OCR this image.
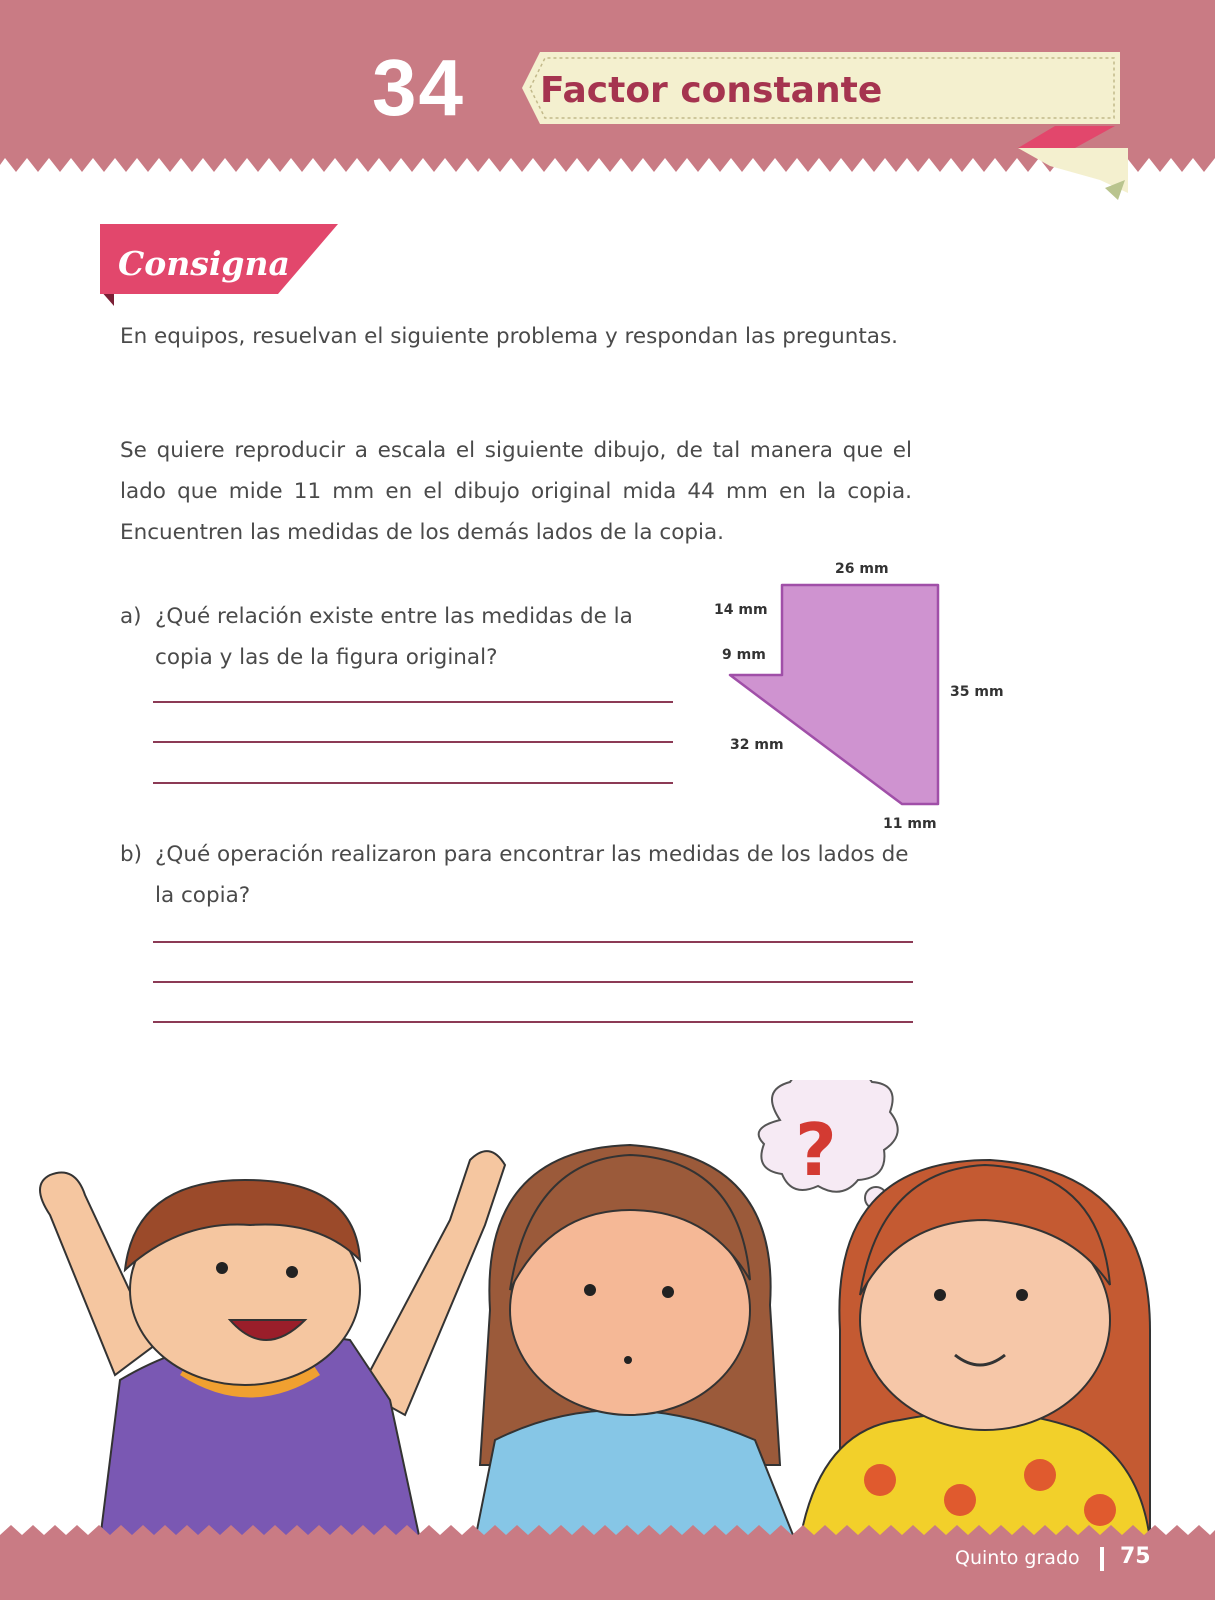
34 Factor constante
Consigna

En equipos, resuelvan el siguiente problema y respondan las preguntas.

Se quiere reproducir a escala el siguiente dibujo, de tal manera que el lado que mide 11 mm en el dibujo original mida 44 mm en la copia. Encuentren las medidas de los demás lados de la copia.

a) ¿Qué relación existe entre las medidas de la copia y las de la figura original?

26 mm
14 mm
9 mm
35 mm
32 mm
11 mm

b) ¿Qué operación realizaron para encontrar las medidas de los lados de la copia?

?
Quinto grado 75
